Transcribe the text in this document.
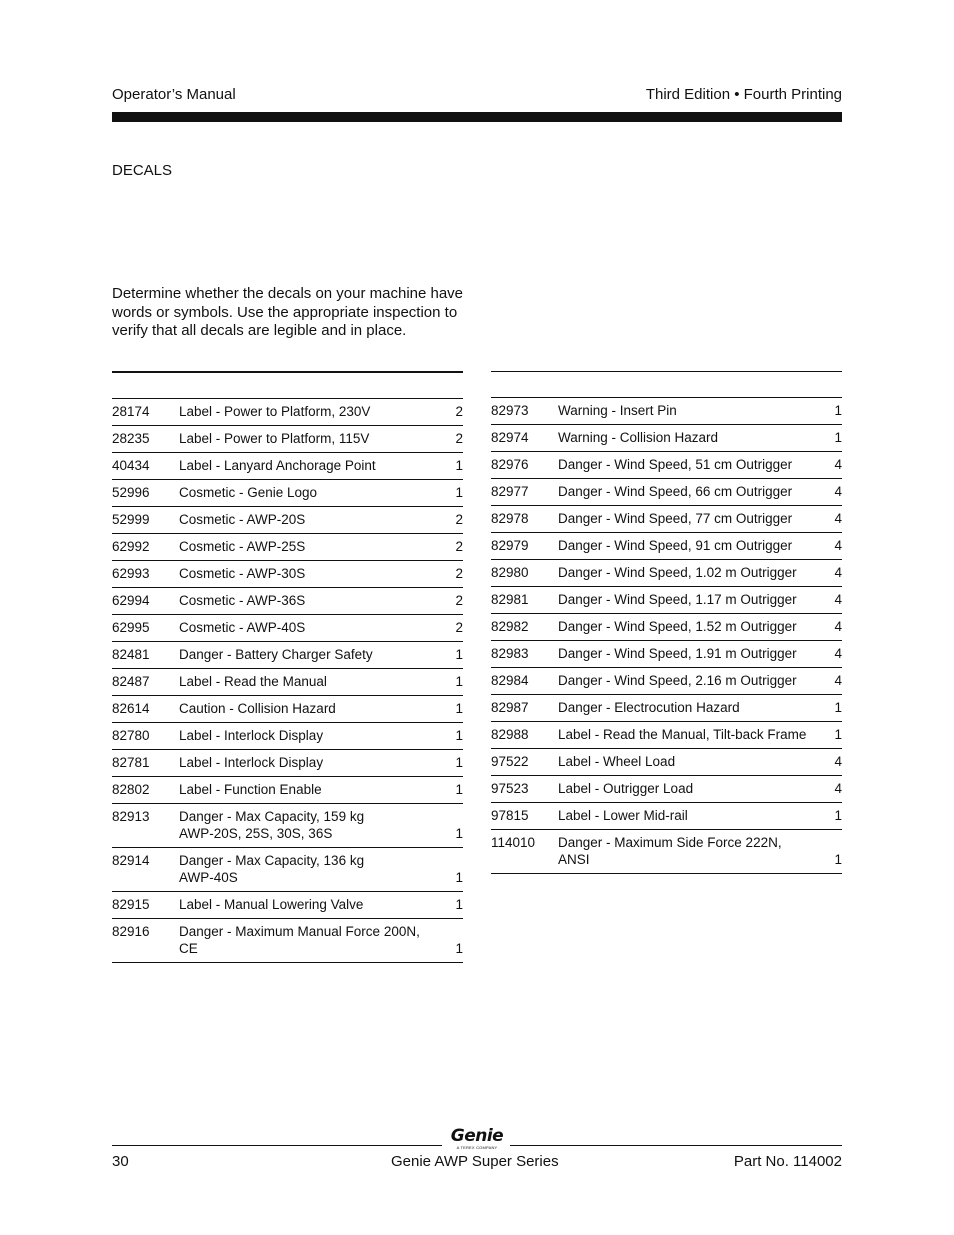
Operator’s Manual	Third Edition • Fourth Printing
DECALS
Determine whether the decals on your machine have words or symbols. Use the appropriate inspection to verify that all decals are legible and in place.
28174	Label - Power to Platform, 230V	2
28235	Label - Power to Platform, 115V	2
40434	Label - Lanyard Anchorage Point	1
52996	Cosmetic - Genie Logo	1
52999	Cosmetic - AWP-20S	2
62992	Cosmetic - AWP-25S	2
62993	Cosmetic - AWP-30S	2
62994	Cosmetic - AWP-36S	2
62995	Cosmetic - AWP-40S	2
82481	Danger - Battery Charger Safety	1
82487	Label - Read the Manual	1
82614	Caution - Collision Hazard	1
82780	Label - Interlock Display	1
82781	Label - Interlock Display	1
82802	Label - Function Enable	1
82913	Danger - Max Capacity, 159 kg
AWP-20S, 25S, 30S, 36S	1
82914	Danger - Max Capacity, 136 kg
AWP-40S	1
82915	Label - Manual Lowering Valve	1
82916	Danger - Maximum Manual Force 200N,
CE	1
82973	Warning - Insert Pin	1
82974	Warning - Collision Hazard	1
82976	Danger - Wind Speed, 51 cm Outrigger	4
82977	Danger - Wind Speed, 66 cm Outrigger	4
82978	Danger - Wind Speed, 77 cm Outrigger	4
82979	Danger - Wind Speed, 91 cm Outrigger	4
82980	Danger - Wind Speed, 1.02 m Outrigger	4
82981	Danger - Wind Speed, 1.17 m Outrigger	4
82982	Danger - Wind Speed, 1.52 m Outrigger	4
82983	Danger - Wind Speed, 1.91 m Outrigger	4
82984	Danger - Wind Speed, 2.16 m Outrigger	4
82987	Danger - Electrocution Hazard	1
82988	Label - Read the Manual, Tilt-back Frame	1
97522	Label - Wheel Load	4
97523	Label - Outrigger Load	4
97815	Label - Lower Mid-rail	1
114010	Danger - Maximum Side Force 222N,
ANSI	1
Genie
A TEREX COMPANY
30	Genie AWP Super Series	Part No. 114002
